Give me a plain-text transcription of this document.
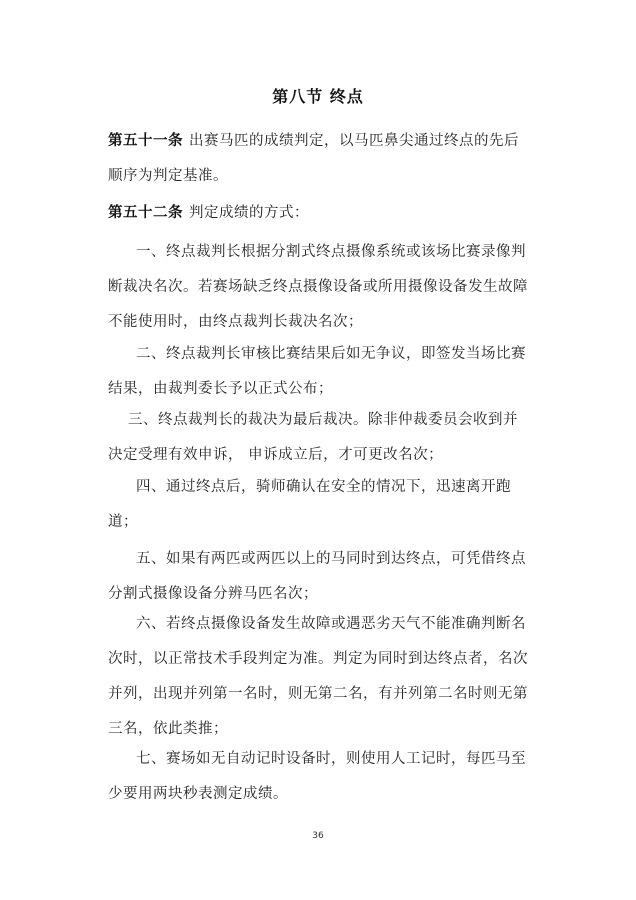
第八节 终点

第五十一条 出赛马匹的成绩判定，以马匹鼻尖通过终点的先后顺序为判定基准。

第五十二条 判定成绩的方式：

一、终点裁判长根据分割式终点摄像系统或该场比赛录像判断裁决名次。若赛场缺乏终点摄像设备或所用摄像设备发生故障不能使用时，由终点裁判长裁决名次；

二、终点裁判长审核比赛结果后如无争议，即签发当场比赛结果，由裁判委长予以正式公布；

三、终点裁判长的裁决为最后裁决。除非仲裁委员会收到并决定受理有效申诉， 申诉成立后，才可更改名次；

四、通过终点后，骑师确认在安全的情况下，迅速离开跑道；

五、如果有两匹或两匹以上的马同时到达终点，可凭借终点分割式摄像设备分辨马匹名次；

六、若终点摄像设备发生故障或遇恶劣天气不能准确判断名次时，以正常技术手段判定为准。判定为同时到达终点者，名次并列，出现并列第一名时，则无第二名，有并列第二名时则无第三名，依此类推；

七、赛场如无自动记时设备时，则使用人工记时，每匹马至少要用两块秒表测定成绩。

36
